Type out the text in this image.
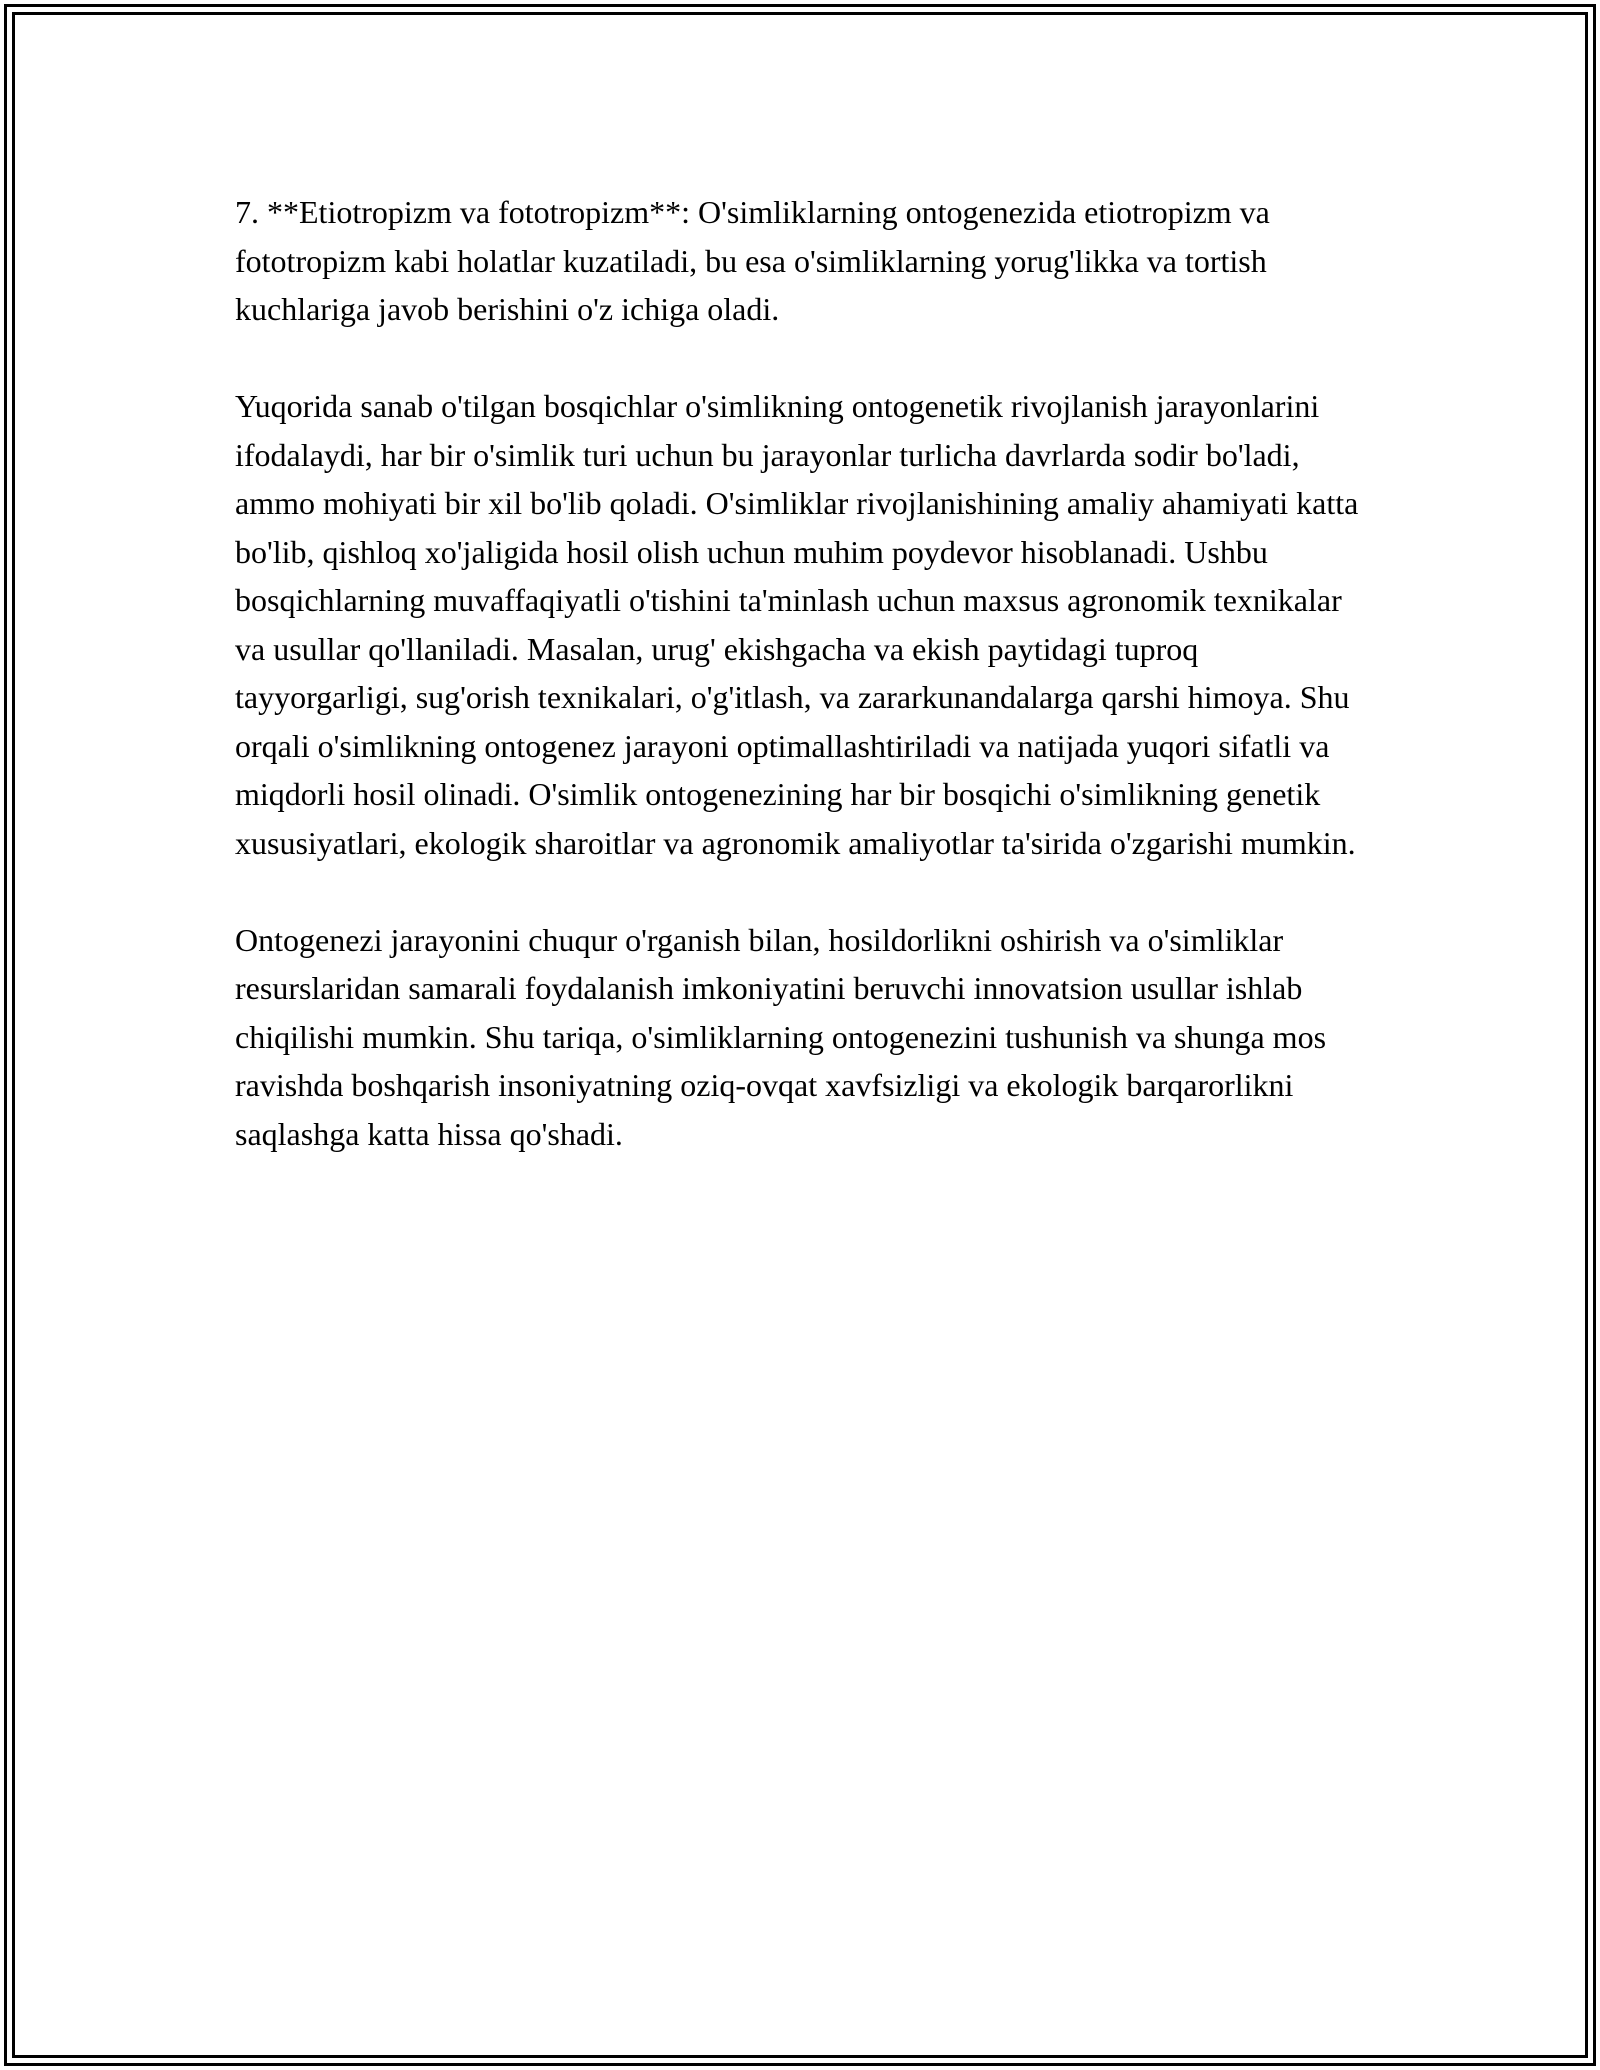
7. **Etiotropizm va fototropizm**: O'simliklarning ontogenezida etiotropizm va fototropizm kabi holatlar kuzatiladi, bu esa o'simliklarning yorug'likka va tortish kuchlariga javob berishini o'z ichiga oladi.

Yuqorida sanab o'tilgan bosqichlar o'simlikning ontogenetik rivojlanish jarayonlarini ifodalaydi, har bir o'simlik turi uchun bu jarayonlar turlicha davrlarda sodir bo'ladi, ammo mohiyati bir xil bo'lib qoladi. O'simliklar rivojlanishining amaliy ahamiyati katta bo'lib, qishloq xo'jaligida hosil olish uchun muhim poydevor hisoblanadi. Ushbu bosqichlarning muvaffaqiyatli o'tishini ta'minlash uchun maxsus agronomik texnikalar va usullar qo'llaniladi. Masalan, urug' ekishgacha va ekish paytidagi tuproq tayyorgarligi, sug'orish texnikalari, o'g'itlash, va zararkunandalarga qarshi himoya. Shu orqali o'simlikning ontogenez jarayoni optimallashtiriladi va natijada yuqori sifatli va miqdorli hosil olinadi. O'simlik ontogenezining har bir bosqichi o'simlikning genetik xususiyatlari, ekologik sharoitlar va agronomik amaliyotlar ta'sirida o'zgarishi mumkin.

Ontogenezi jarayonini chuqur o'rganish bilan, hosildorlikni oshirish va o'simliklar resurslaridan samarali foydalanish imkoniyatini beruvchi innovatsion usullar ishlab chiqilishi mumkin. Shu tariqa, o'simliklarning ontogenezini tushunish va shunga mos ravishda boshqarish insoniyatning oziq-ovqat xavfsizligi va ekologik barqarorlikni saqlashga katta hissa qo'shadi.
